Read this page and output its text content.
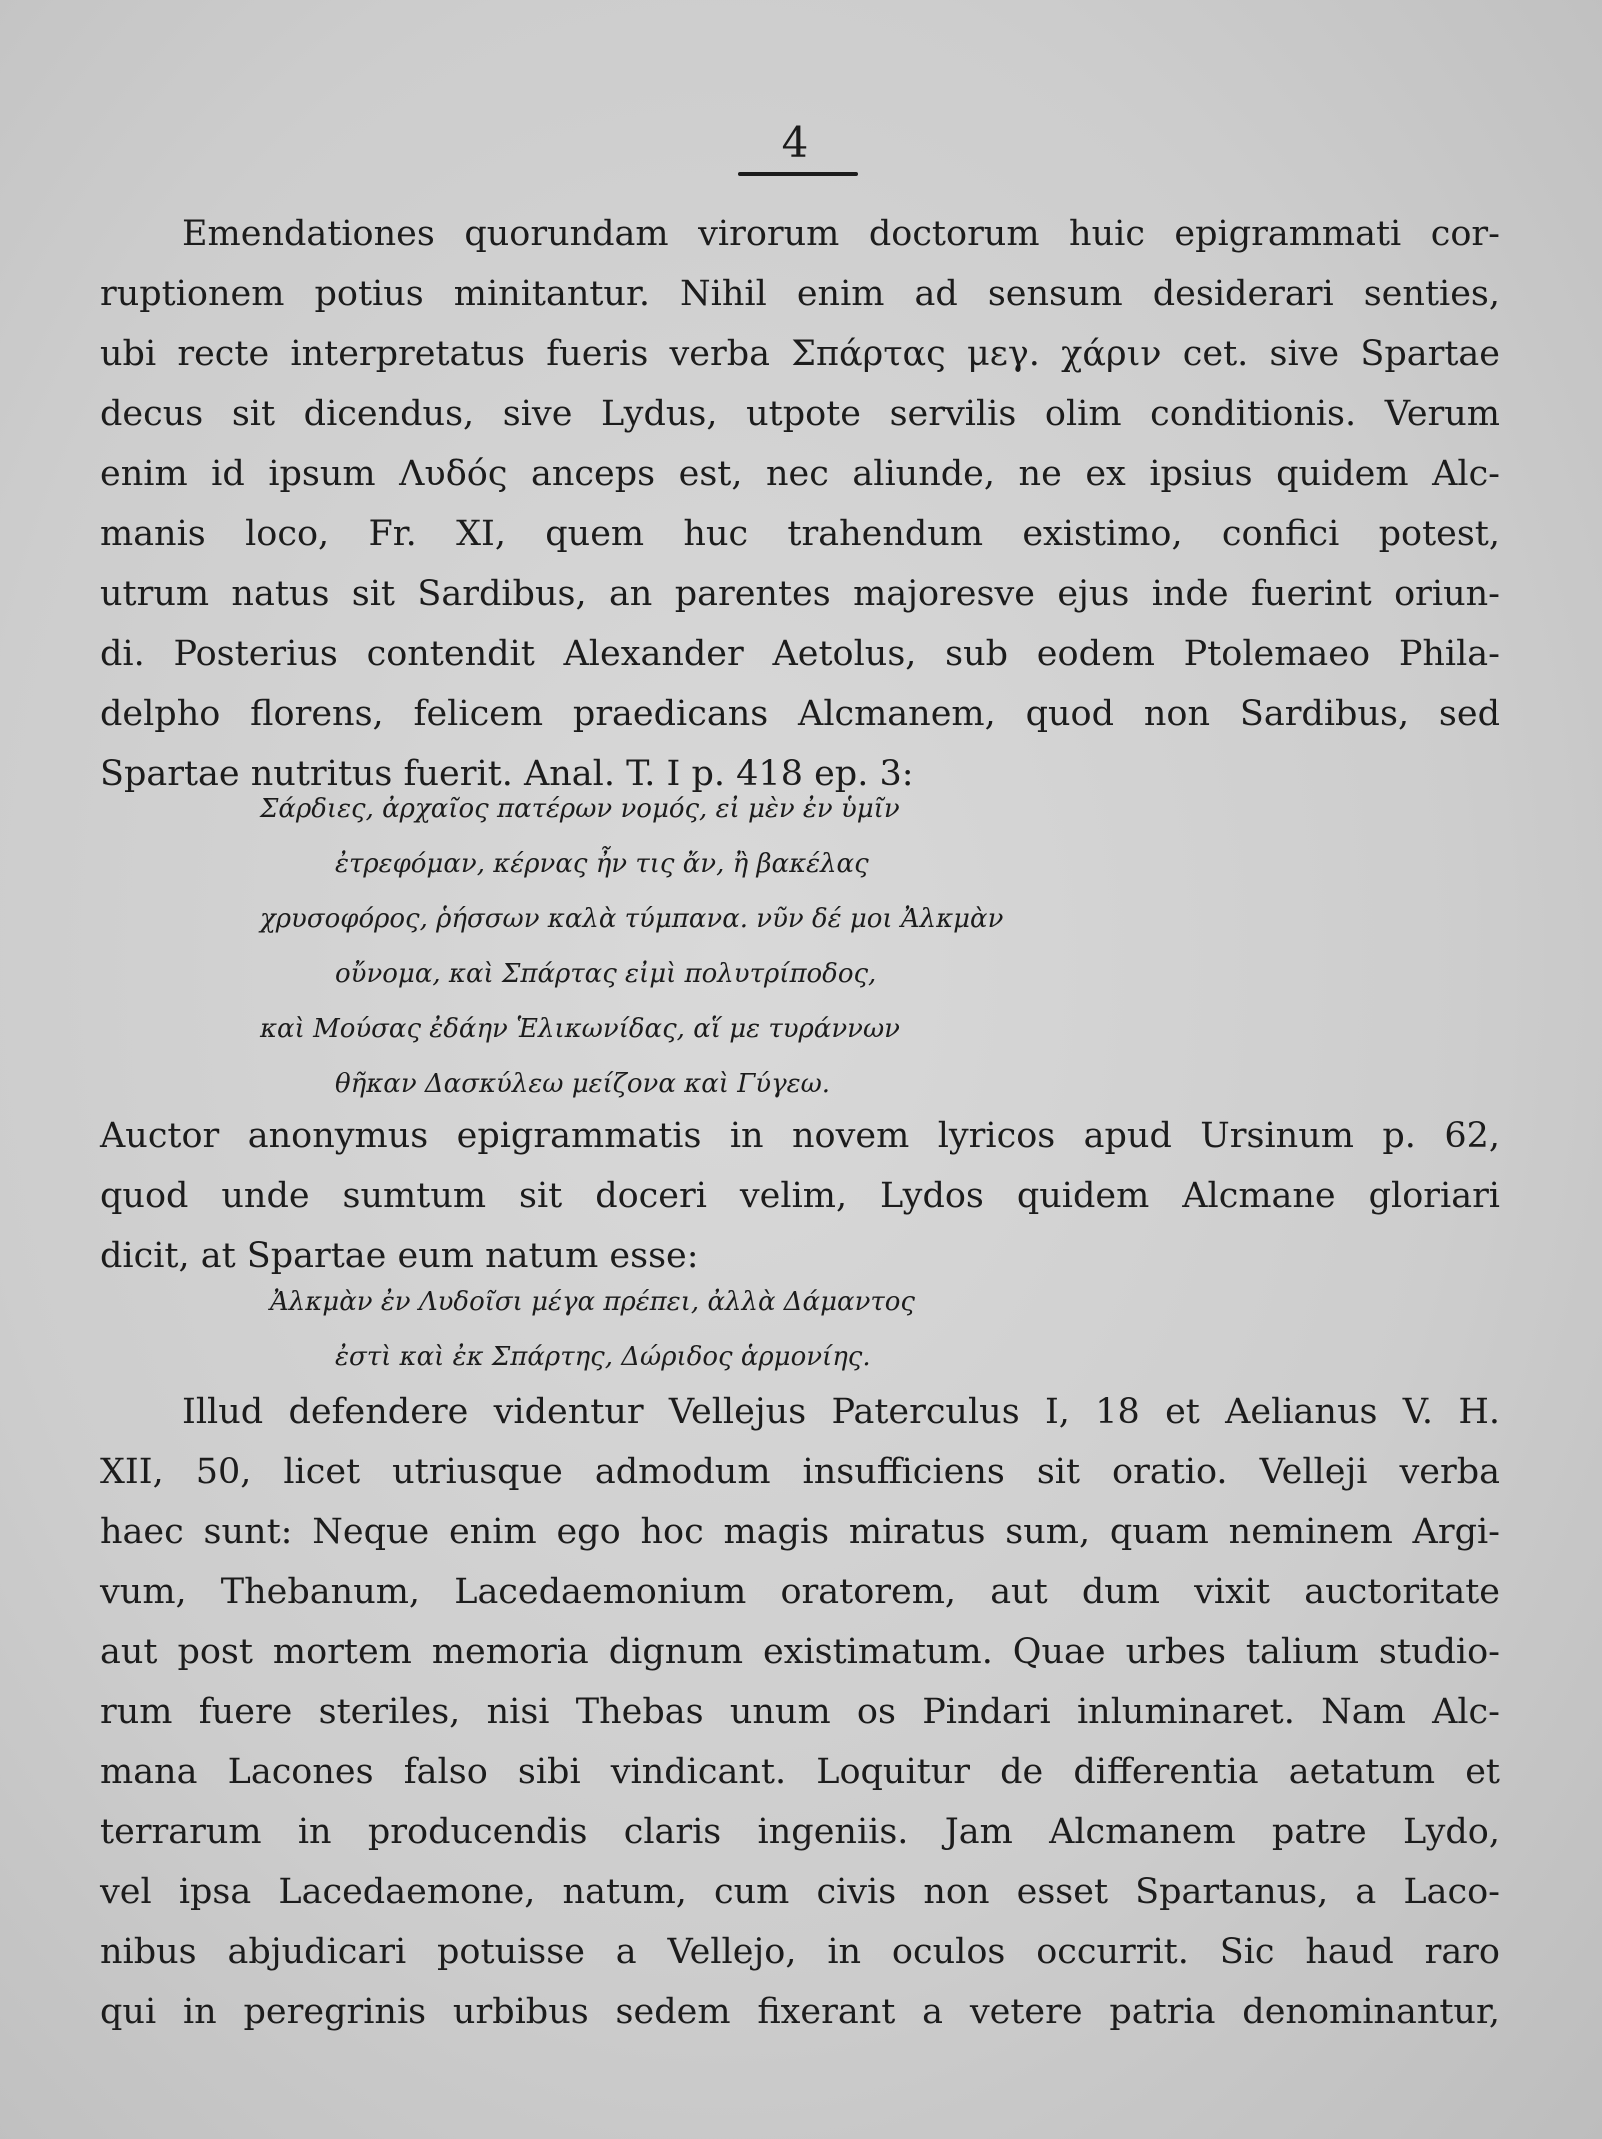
4
Emendationes quorundam virorum doctorum huic epigrammati cor-
ruptionem potius minitantur. Nihil enim ad sensum desiderari senties,
ubi recte interpretatus fueris verba Σπάρτας μεγ. χάριν cet. sive Spartae
decus sit dicendus, sive Lydus, utpote servilis olim conditionis. Verum
enim id ipsum Λυδός anceps est, nec aliunde, ne ex ipsius quidem Alc-
manis loco, Fr. XI, quem huc trahendum existimo, confici potest,
utrum natus sit Sardibus, an parentes majoresve ejus inde fuerint oriun-
di. Posterius contendit Alexander Aetolus, sub eodem Ptolemaeo Phila-
delpho florens, felicem praedicans Alcmanem, quod non Sardibus, sed
Spartae nutritus fuerit. Anal. T. I p. 418 ep. 3:
Σάρδιες, ἀρχαῖος πατέρων νομός, εἰ μὲν ἐν ὑμῖν
ἐτρεφόμαν, κέρνας ἦν τις ἄν, ἢ βακέλας
χρυσοφόρος, ῥήσσων καλὰ τύμπανα. νῦν δέ μοι Ἀλκμὰν
οὔνομα, καὶ Σπάρτας εἰμὶ πολυτρίποδος,
καὶ Μούσας ἐδάην Ἑλικωνίδας, αἵ με τυράννων
θῆκαν Δασκύλεω μείζονα καὶ Γύγεω.
Auctor anonymus epigrammatis in novem lyricos apud Ursinum p. 62,
quod unde sumtum sit doceri velim, Lydos quidem Alcmane gloriari
dicit, at Spartae eum natum esse:
Ἀλκμὰν ἐν Λυδοῖσι μέγα πρέπει, ἀλλὰ Δάμαντος
ἐστὶ καὶ ἐκ Σπάρτης, Δώριδος ἁρμονίης.
Illud defendere videntur Vellejus Paterculus I, 18 et Aelianus V. H.
XII, 50, licet utriusque admodum insufficiens sit oratio. Velleji verba
haec sunt: Neque enim ego hoc magis miratus sum, quam neminem Argi-
vum, Thebanum, Lacedaemonium oratorem, aut dum vixit auctoritate
aut post mortem memoria dignum existimatum. Quae urbes talium studio-
rum fuere steriles, nisi Thebas unum os Pindari inluminaret. Nam Alc-
mana Lacones falso sibi vindicant. Loquitur de differentia aetatum et
terrarum in producendis claris ingeniis. Jam Alcmanem patre Lydo,
vel ipsa Lacedaemone, natum, cum civis non esset Spartanus, a Laco-
nibus abjudicari potuisse a Vellejo, in oculos occurrit. Sic haud raro
qui in peregrinis urbibus sedem fixerant a vetere patria denominantur,
